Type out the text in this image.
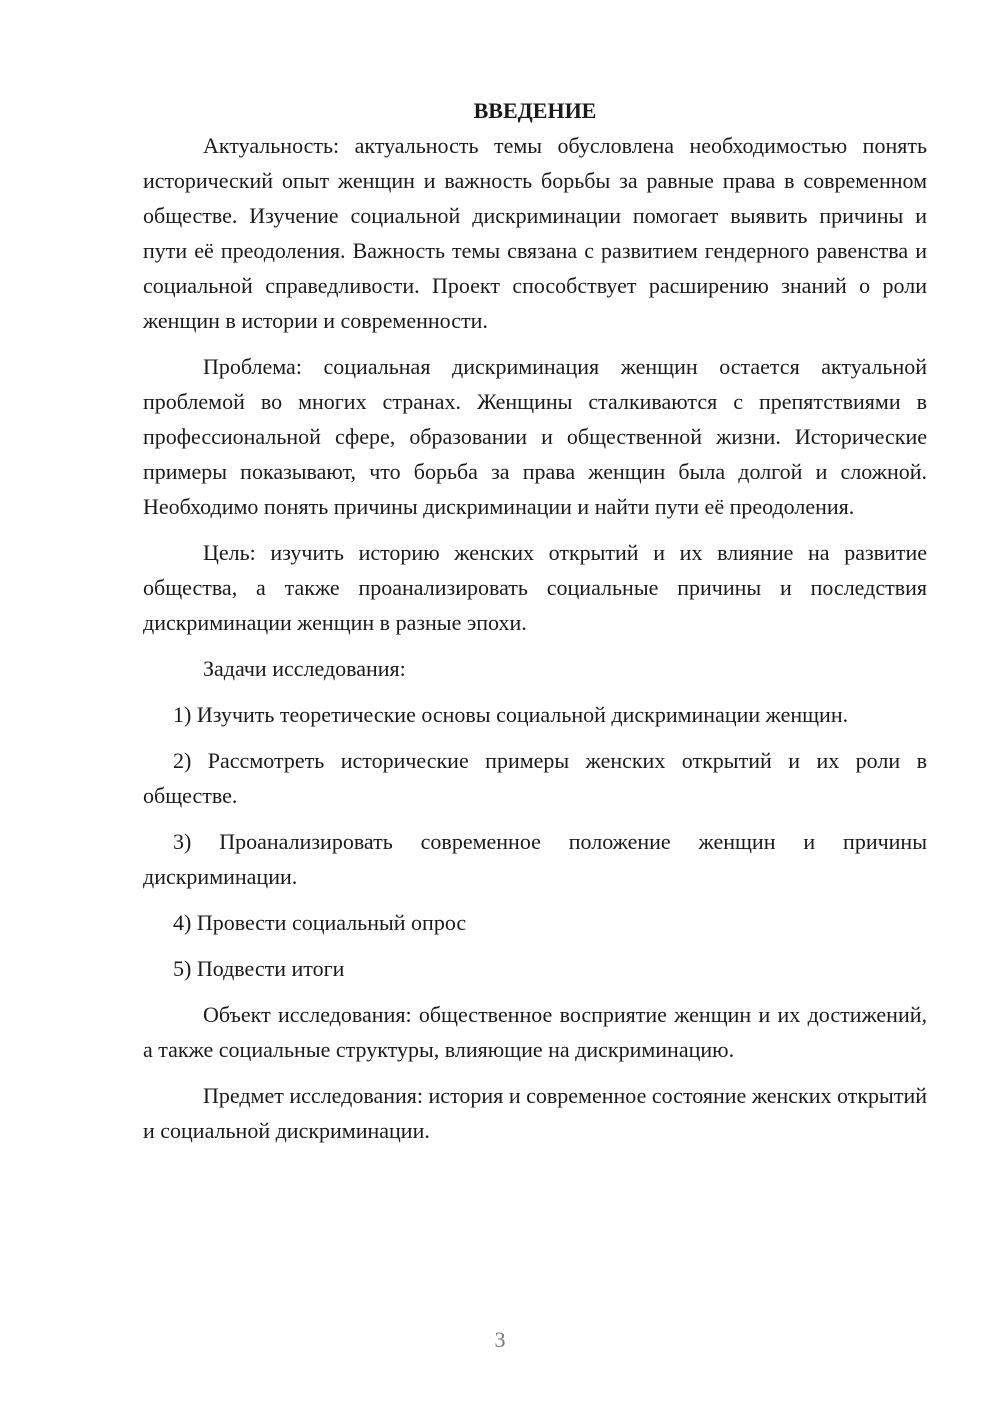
ВВЕДЕНИЕ

Актуальность: актуальность темы обусловлена необходимостью понять исторический опыт женщин и важность борьбы за равные права в современном обществе. Изучение социальной дискриминации помогает выявить причины и пути её преодоления. Важность темы связана с развитием гендерного равенства и социальной справедливости. Проект способствует расширению знаний о роли женщин в истории и современности.

Проблема: социальная дискриминация женщин остается актуальной проблемой во многих странах. Женщины сталкиваются с препятствиями в профессиональной сфере, образовании и общественной жизни. Исторические примеры показывают, что борьба за права женщин была долгой и сложной. Необходимо понять причины дискриминации и найти пути её преодоления.

Цель: изучить историю женских открытий и их влияние на развитие общества, а также проанализировать социальные причины и последствия дискриминации женщин в разные эпохи.

Задачи исследования:

1) Изучить теоретические основы социальной дискриминации женщин.

2) Рассмотреть исторические примеры женских открытий и их роли в обществе.

3) Проанализировать современное положение женщин и причины дискриминации.

4) Провести социальный опрос

5) Подвести итоги

Объект исследования: общественное восприятие женщин и их достижений, а также социальные структуры, влияющие на дискриминацию.

Предмет исследования: история и современное состояние женских открытий и социальной дискриминации.

3
